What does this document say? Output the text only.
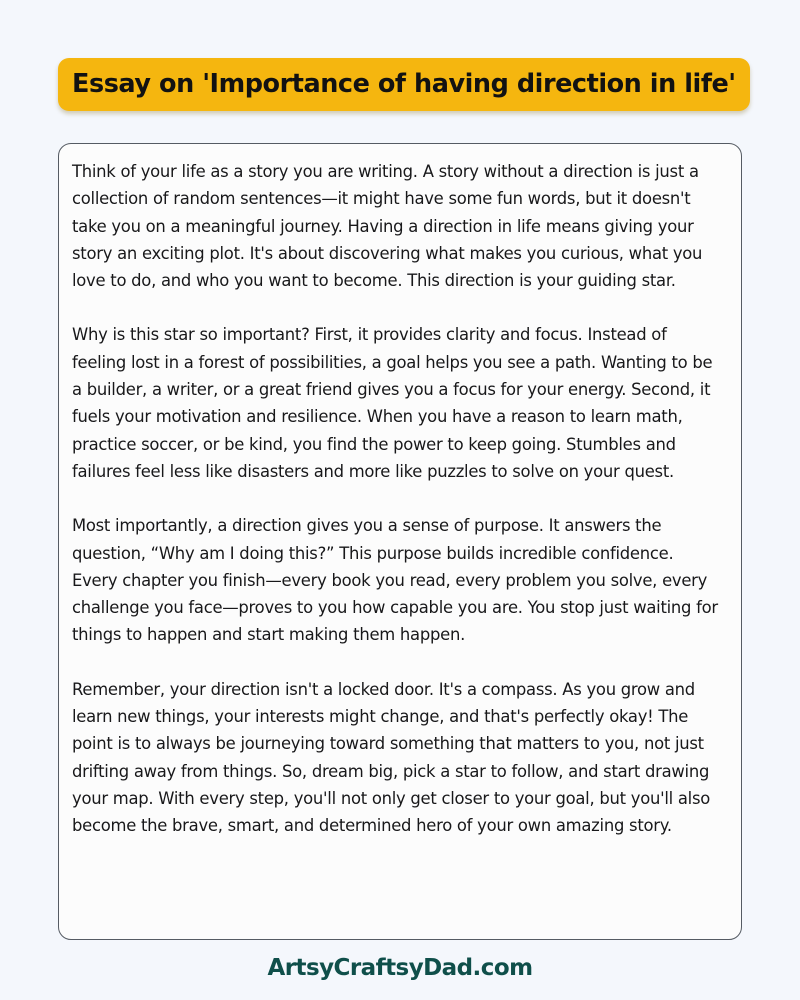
Essay on 'Importance of having direction in life'

Think of your life as a story you are writing. A story without a direction is just a collection of random sentences—it might have some fun words, but it doesn't take you on a meaningful journey. Having a direction in life means giving your story an exciting plot. It's about discovering what makes you curious, what you love to do, and who you want to become. This direction is your guiding star.

Why is this star so important? First, it provides clarity and focus. Instead of feeling lost in a forest of possibilities, a goal helps you see a path. Wanting to be a builder, a writer, or a great friend gives you a focus for your energy. Second, it fuels your motivation and resilience. When you have a reason to learn math, practice soccer, or be kind, you find the power to keep going. Stumbles and failures feel less like disasters and more like puzzles to solve on your quest.

Most importantly, a direction gives you a sense of purpose. It answers the question, “Why am I doing this?” This purpose builds incredible confidence. Every chapter you finish—every book you read, every problem you solve, every challenge you face—proves to you how capable you are. You stop just waiting for things to happen and start making them happen.

Remember, your direction isn't a locked door. It's a compass. As you grow and learn new things, your interests might change, and that's perfectly okay! The point is to always be journeying toward something that matters to you, not just drifting away from things. So, dream big, pick a star to follow, and start drawing your map. With every step, you'll not only get closer to your goal, but you'll also become the brave, smart, and determined hero of your own amazing story.

ArtsyCraftsyDad.com
